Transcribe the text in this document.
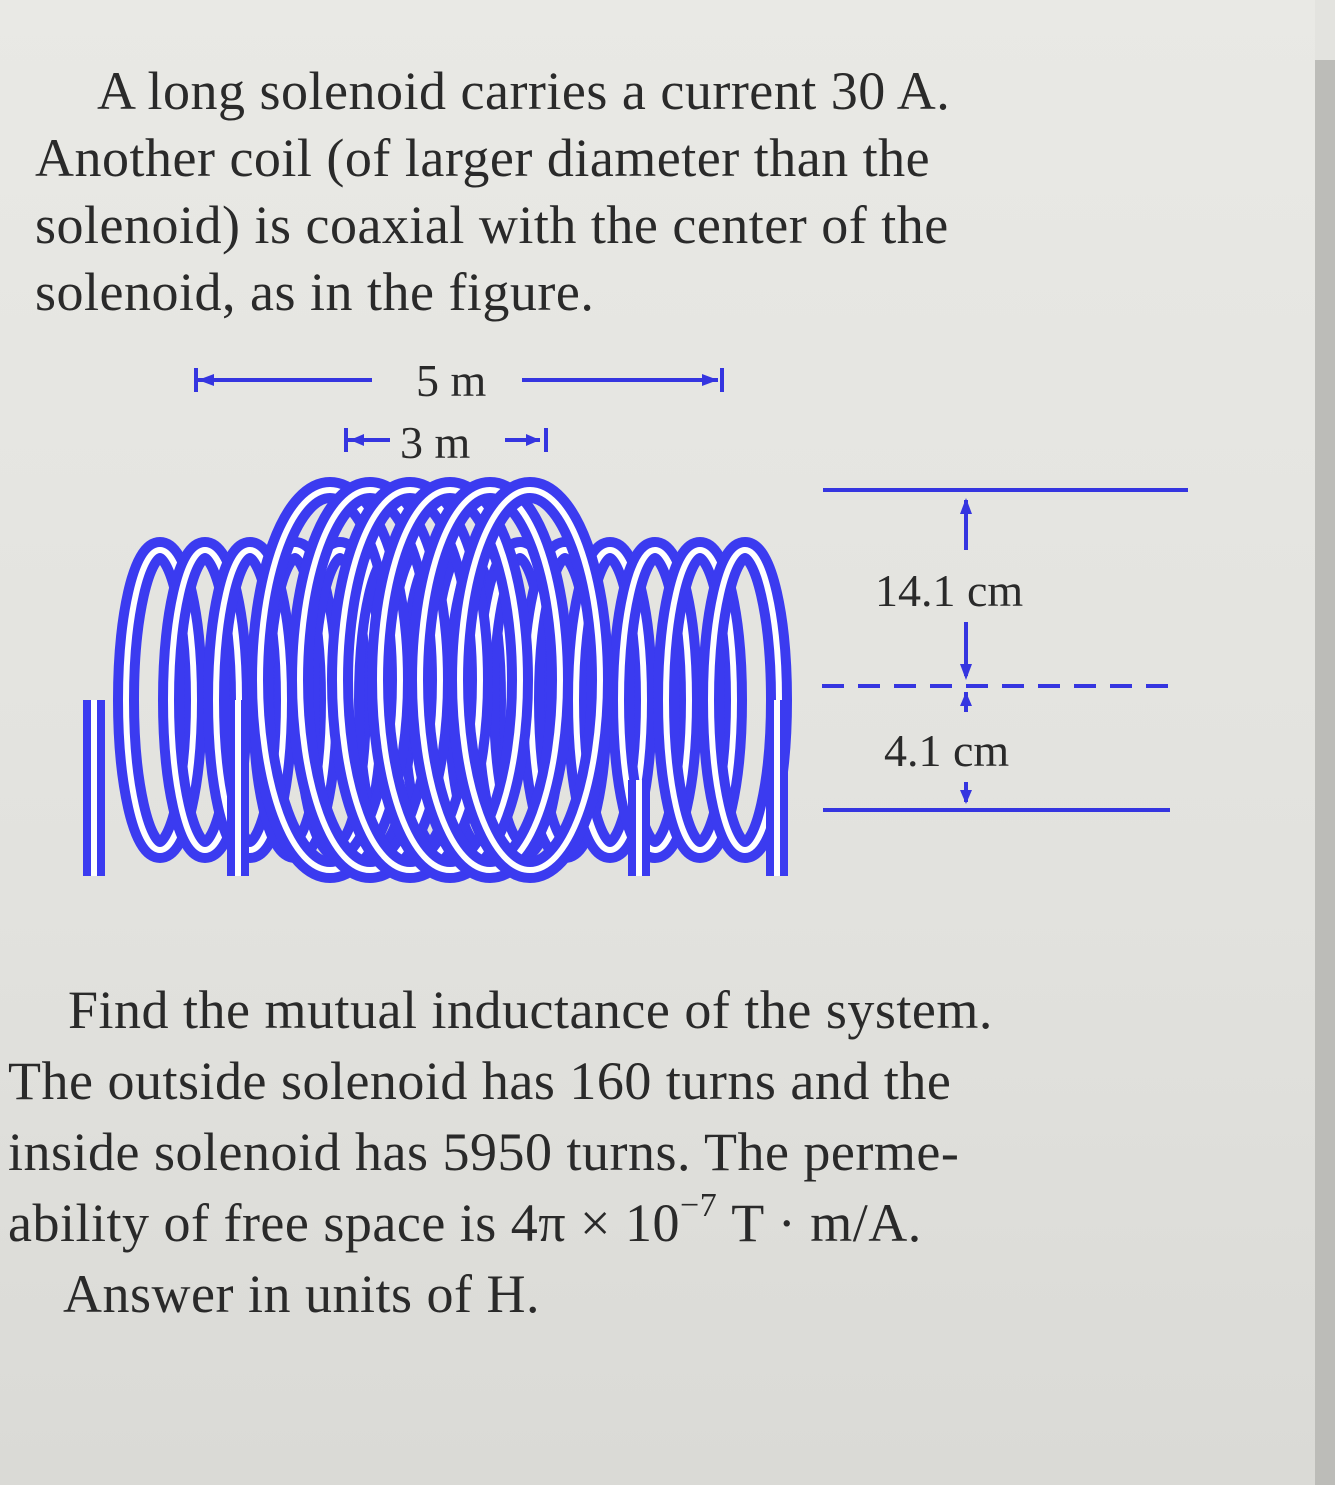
A long solenoid carries a current 30 A.
Another coil (of larger diameter than the
solenoid) is coaxial with the center of the
solenoid, as in the figure.
5 m
3 m
14.1 cm
4.1 cm
Find the mutual inductance of the system.
The outside solenoid has 160 turns and the
inside solenoid has 5950 turns. The perme-
ability of free space is $4\pi \times 10^{-7}$ T · m/A.
Answer in units of H.
